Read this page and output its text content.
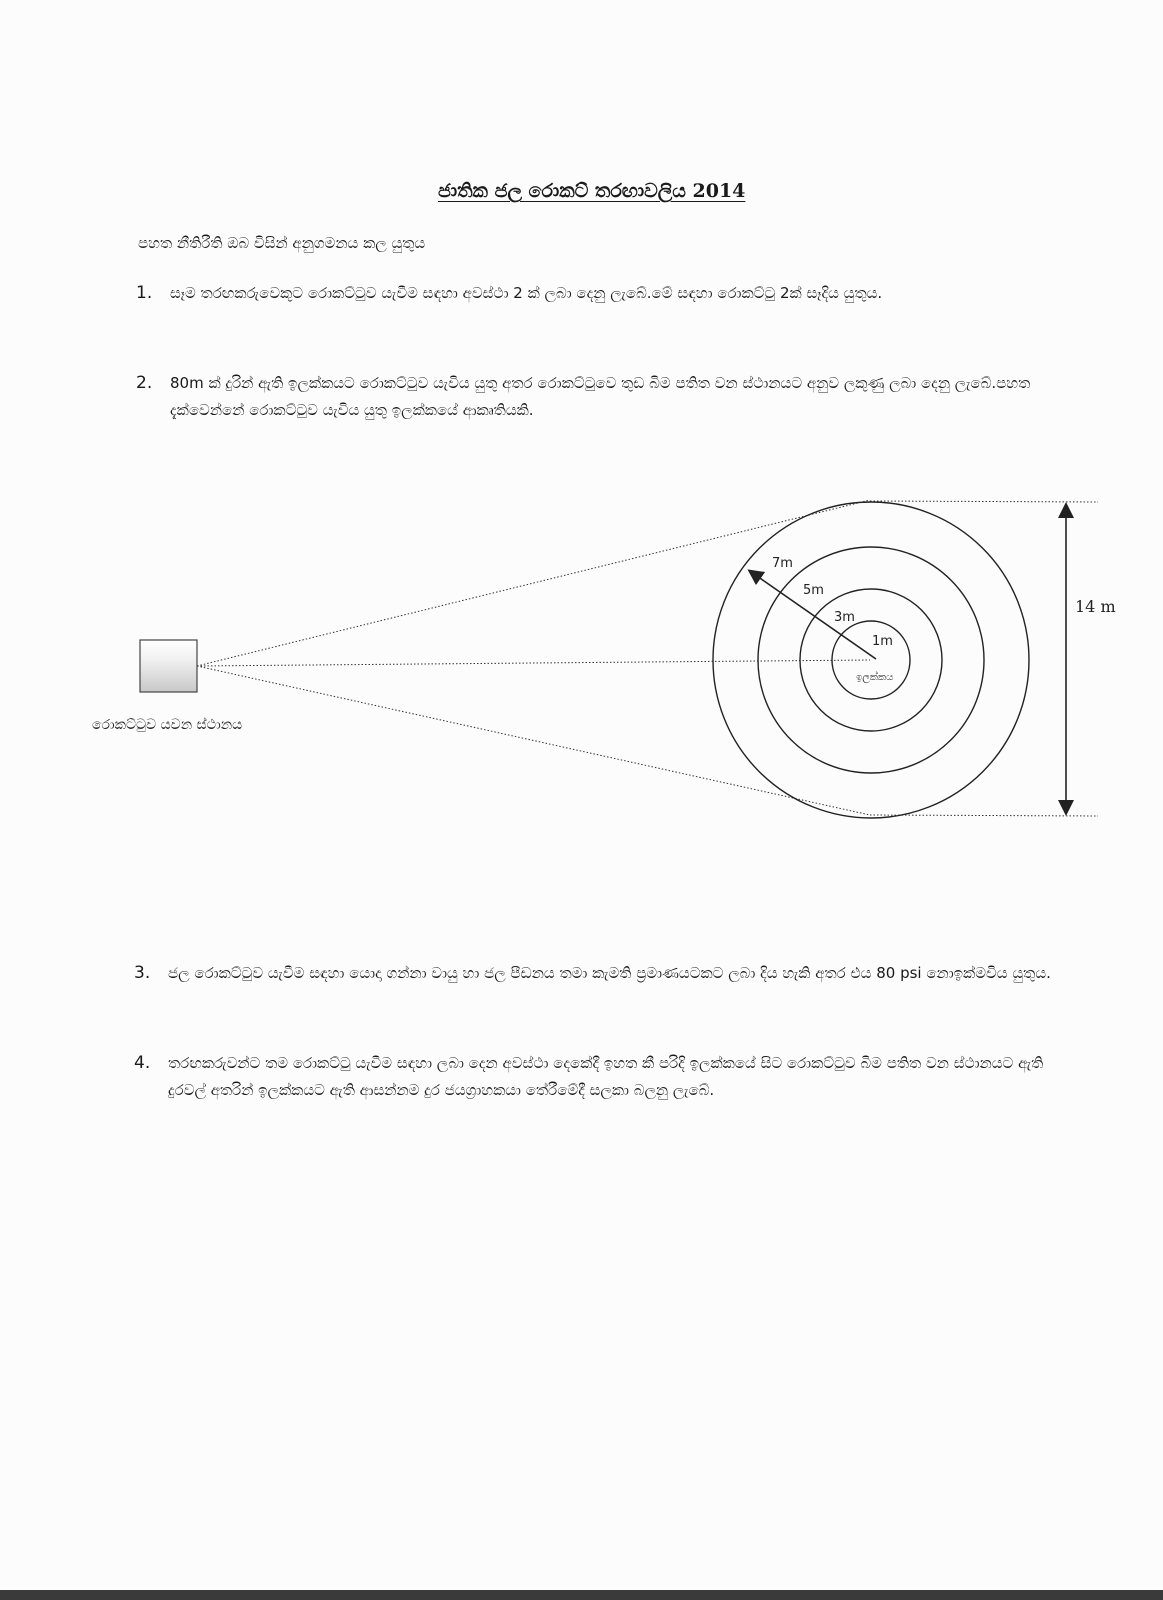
ජාතික ජල රොකට් තරඟාවලිය 2014
පහත නීතිරීති ඔබ විසින් අනුගමනය කල යුතුය
1.	සෑම තරඟකරුවෙකුට රොකට්ටුව යැවීම සඳහා අවස්ථා 2 ක් ලබා දෙනු ලැබේ.මේ සඳහා රොකට්ටු 2ක් සෑදිය යුතුය.
2.	80m ක් දුරින් ඇති ඉලක්කයට රොකට්ටුව යැවිය යුතු අතර රොකට්ටුවෙ තුඩ බිම පතිත වන ස්ථානයට අනුව ලකුණු ලබා දෙනු ලැබේ.පහත දැක්වෙන්නේ රොකට්ටුව යැවිය යුතු ඉලක්කයේ ආකෘතියකි.
7m
5m
3m
1m
ඉලක්කය
14 m
රොකට්ටුව යවන ස්ථානය
3.	ජල රොකට්ටුව යැවීම සඳහා යොදා ගන්නා වායු හා ජල පීඩනය තමා කැමති ප්‍රමාණයටකට ලබා දිය හැකි අතර එය 80 psi නොඉක්මවිය යුතුය.
4.	තරඟකරුවන්ට තම රොකට්ටු යැවීම සඳහා ලබා දෙන අවස්ථා දෙකේදී ඉහත කී පරිදි ඉලක්කයේ සිට රොකට්ටුව බිම පතිත වන ස්ථානයට ඇති දුරවල් අතරින් ඉලක්කයට ඇති ආසන්නම දුර ජයග්‍රාහකයා තේරීමේදී සලකා බලනු ලැබේ.
